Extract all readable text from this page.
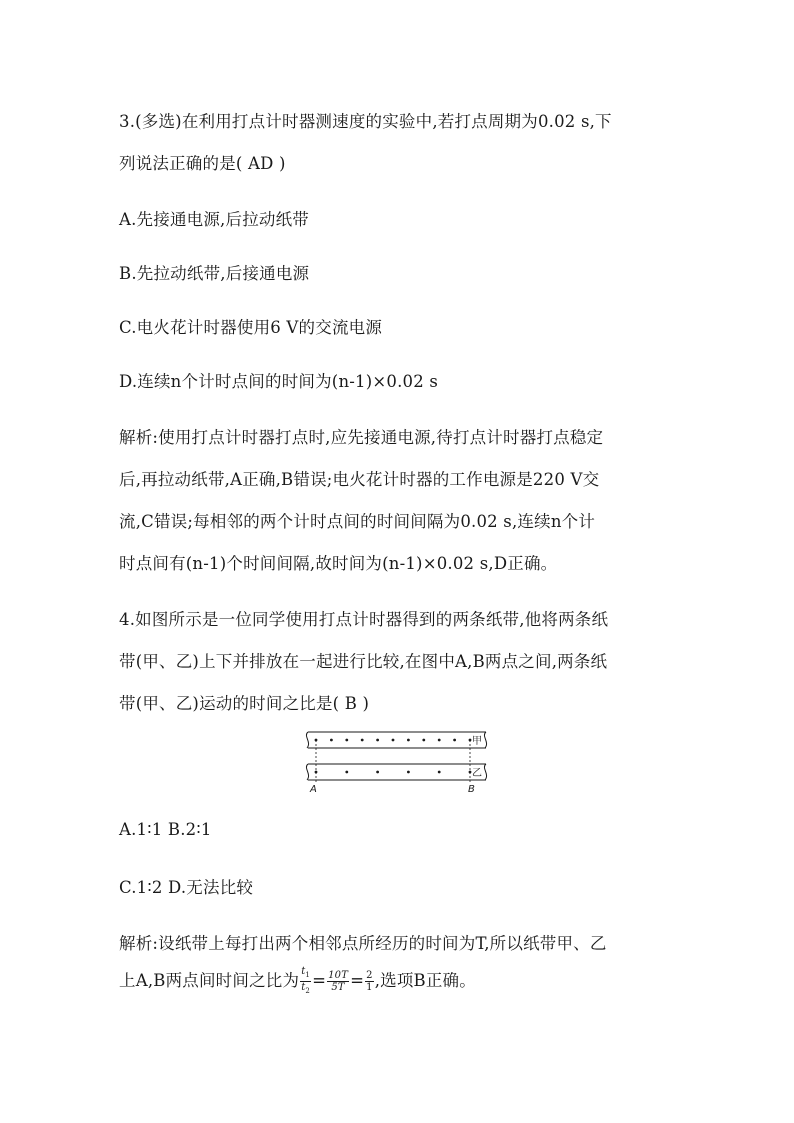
3.(多选)在利用打点计时器测速度的实验中,若打点周期为0.02 s,下
列说法正确的是( AD )
A.先接通电源,后拉动纸带
B.先拉动纸带,后接通电源
C.电火花计时器使用6 V的交流电源
D.连续n个计时点间的时间为(n-1)×0.02 s
解析:使用打点计时器打点时,应先接通电源,待打点计时器打点稳定
后,再拉动纸带,A正确,B错误;电火花计时器的工作电源是220 V交
流,C错误;每相邻的两个计时点间的时间间隔为0.02 s,连续n个计
时点间有(n-1)个时间间隔,故时间为(n-1)×0.02 s,D正确。
4.如图所示是一位同学使用打点计时器得到的两条纸带,他将两条纸
带(甲、乙)上下并排放在一起进行比较,在图中A,B两点之间,两条纸
带(甲、乙)运动的时间之比是( B )
甲
乙
A	B
A.1∶1 B.2∶1
C.1∶2 D.无法比较
解析:设纸带上每打出两个相邻点所经历的时间为T,所以纸带甲、乙
上A,B两点间时间之比为 $\frac{t_1}{t_2} = \frac{10T}{5T} = \frac{2}{1}$ ,选项B正确。
